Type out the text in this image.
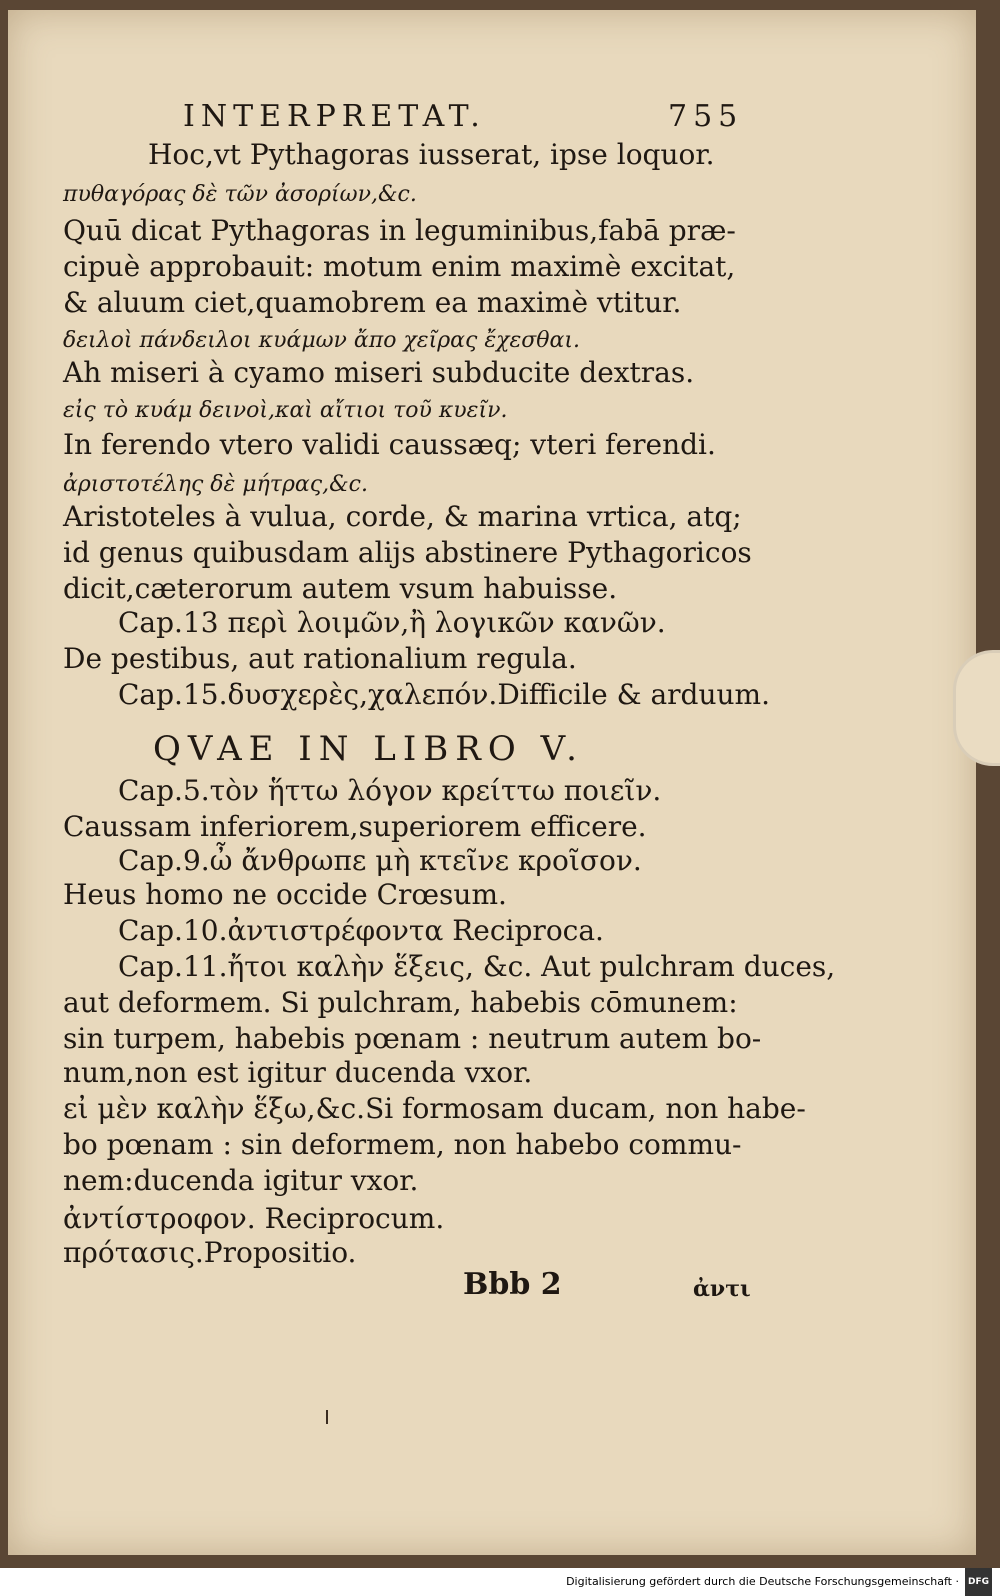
INTERPRETAT.	755
Hoc,vt Pythagoras iusserat, ipse loquor.
πυθαγόρας δὲ τῶν ἀσορίων,&c.
Quū dicat Pythagoras in leguminibus,fabā præ-
cipuè approbauit: motum enim maximè excitat,
& aluum ciet,quamobrem ea maximè vtitur.
δειλοὶ πάνδειλοι κυάμων ἄπο χεῖρας ἔχεσθαι.
Ah miseri à cyamo miseri subducite dextras.
εἰς τὸ κυάμ δεινοὶ,καὶ αἴτιοι τοῦ κυεῖν.
In ferendo vtero validi caussæq; vteri ferendi.
ἀριστοτέλης δὲ μήτρας,&c.
Aristoteles à vulua, corde, & marina vrtica, atq;
id genus quibusdam alijs abstinere Pythagoricos
dicit,cæterorum autem vsum habuisse.
Cap.13 περὶ λοιμῶν,ἢ λογικῶν κανῶν.
De pestibus, aut rationalium regula.
Cap.15.δυσχερὲς,χαλεπόν.Difficile & arduum.
QVAE IN LIBRO V.
Cap.5.τὸν ἥττω λόγον κρείττω ποιεῖν.
Caussam inferiorem,superiorem efficere.
Cap.9.ὦ ἄνθρωπε μὴ κτεῖνε κροῖσον.
Heus homo ne occide Crœsum.
Cap.10.ἀντιστρέφοντα Reciproca.
Cap.11.ἤτοι καλὴν ἕξεις, &c. Aut pulchram duces,
aut deformem. Si pulchram, habebis cōmunem:
sin turpem, habebis pœnam : neutrum autem bo-
num,non est igitur ducenda vxor.
εἰ μὲν καλὴν ἕξω,&c.Si formosam ducam, non habe-
bo pœnam : sin deformem, non habebo commu-
nem:ducenda igitur vxor.
ἀντίστροφον. Reciprocum.
πρότασις.Propositio.
Bbb 2	ἀντι
Digitalisierung gefördert durch die Deutsche Forschungsgemeinschaft · DFG
